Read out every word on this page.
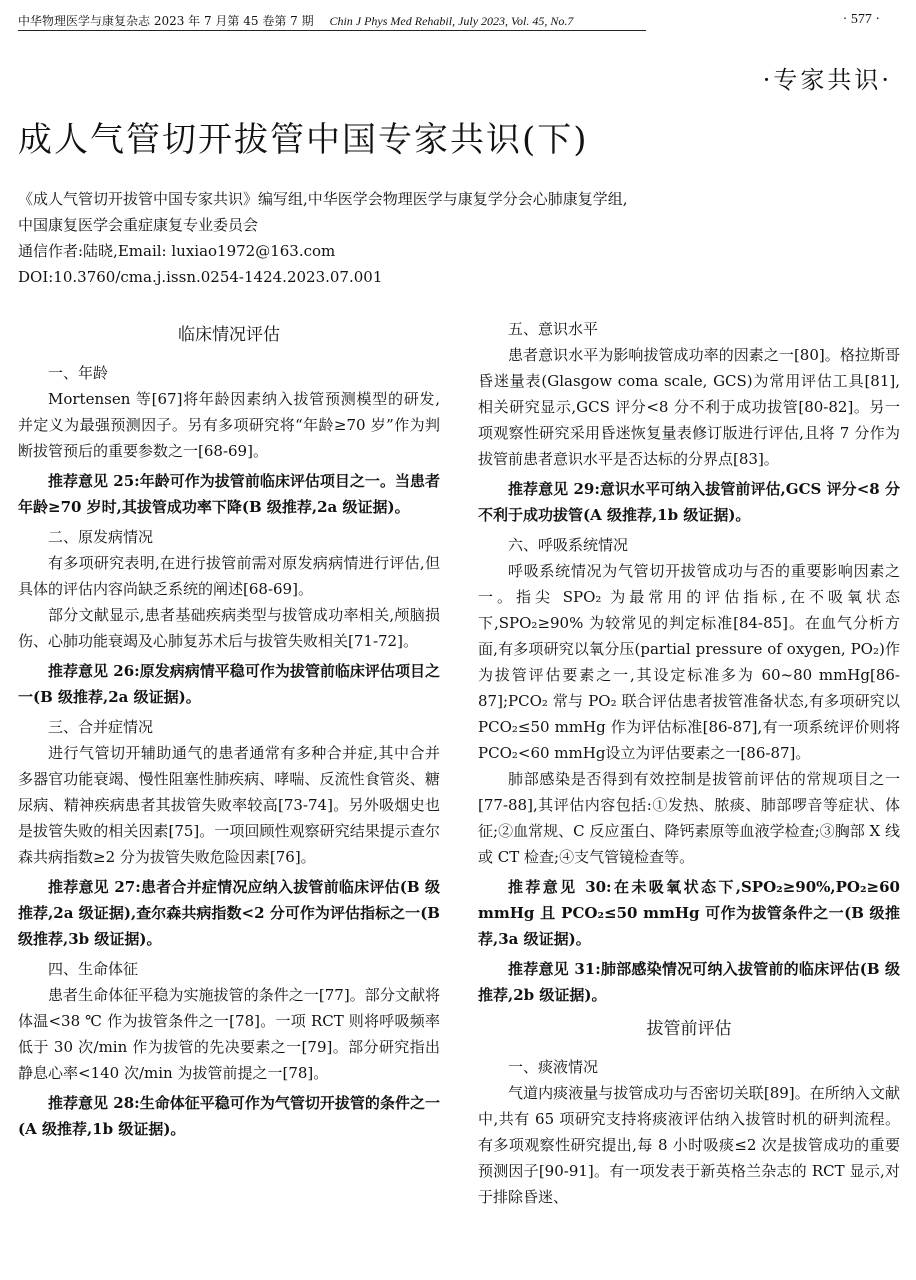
中华物理医学与康复杂志 2023 年 7 月第 45 卷第 7 期 Chin J Phys Med Rehabil, July 2023, Vol. 45, No.7	· 577 ·
·专家共识·
成人气管切开拔管中国专家共识(下)
《成人气管切开拔管中国专家共识》编写组,中华医学会物理医学与康复学分会心肺康复学组,
中国康复医学会重症康复专业委员会
通信作者:陆晓,Email: luxiao1972@163.com
DOI:10.3760/cma.j.issn.0254-1424.2023.07.001
临床情况评估

一、年龄

Mortensen 等[67]将年龄因素纳入拔管预测模型的研发,并定义为最强预测因子。另有多项研究将“年龄≥70 岁”作为判断拔管预后的重要参数之一[68-69]。

推荐意见 25:年龄可作为拔管前临床评估项目之一。当患者年龄≥70 岁时,其拔管成功率下降(B 级推荐,2a 级证据)。

二、原发病情况

有多项研究表明,在进行拔管前需对原发病病情进行评估,但具体的评估内容尚缺乏系统的阐述[68-69]。

部分文献显示,患者基础疾病类型与拔管成功率相关,颅脑损伤、心肺功能衰竭及心肺复苏术后与拔管失败相关[71-72]。

推荐意见 26:原发病病情平稳可作为拔管前临床评估项目之一(B 级推荐,2a 级证据)。

三、合并症情况

进行气管切开辅助通气的患者通常有多种合并症,其中合并多器官功能衰竭、慢性阻塞性肺疾病、哮喘、反流性食管炎、糖尿病、精神疾病患者其拔管失败率较高[73-74]。另外吸烟史也是拔管失败的相关因素[75]。一项回顾性观察研究结果提示查尔森共病指数≥2 分为拔管失败危险因素[76]。

推荐意见 27:患者合并症情况应纳入拔管前临床评估(B 级推荐,2a 级证据),查尔森共病指数<2 分可作为评估指标之一(B 级推荐,3b 级证据)。

四、生命体征

患者生命体征平稳为实施拔管的条件之一[77]。部分文献将体温<38 ℃ 作为拔管条件之一[78]。一项 RCT 则将呼吸频率低于 30 次/min 作为拔管的先决要素之一[79]。部分研究指出静息心率<140 次/min 为拔管前提之一[78]。

推荐意见 28:生命体征平稳可作为气管切开拔管的条件之一(A 级推荐,1b 级证据)。

五、意识水平

患者意识水平为影响拔管成功率的因素之一[80]。格拉斯哥昏迷量表(Glasgow coma scale, GCS)为常用评估工具[81],相关研究显示,GCS 评分<8 分不利于成功拔管[80-82]。另一项观察性研究采用昏迷恢复量表修订版进行评估,且将 7 分作为拔管前患者意识水平是否达标的分界点[83]。

推荐意见 29:意识水平可纳入拔管前评估,GCS 评分<8 分不利于成功拔管(A 级推荐,1b 级证据)。

六、呼吸系统情况

呼吸系统情况为气管切开拔管成功与否的重要影响因素之一。指尖 SPO₂ 为最常用的评估指标,在不吸氧状态下,SPO₂≥90% 为较常见的判定标准[84-85]。在血气分析方面,有多项研究以氧分压(partial pressure of oxygen, PO₂)作为拔管评估要素之一,其设定标准多为 60~80 mmHg[86-87];PCO₂ 常与 PO₂ 联合评估患者拔管准备状态,有多项研究以 PCO₂≤50 mmHg 作为评估标准[86-87],有一项系统评价则将 PCO₂<60 mmHg设立为评估要素之一[86-87]。

肺部感染是否得到有效控制是拔管前评估的常规项目之一[77-88],其评估内容包括:①发热、脓痰、肺部啰音等症状、体征;②血常规、C 反应蛋白、降钙素原等血液学检查;③胸部 X 线或 CT 检查;④支气管镜检查等。

推荐意见 30:在未吸氧状态下,SPO₂≥90%,PO₂≥60 mmHg 且 PCO₂≤50 mmHg 可作为拔管条件之一(B 级推荐,3a 级证据)。

推荐意见 31:肺部感染情况可纳入拔管前的临床评估(B 级推荐,2b 级证据)。

拔管前评估

一、痰液情况

气道内痰液量与拔管成功与否密切关联[89]。在所纳入文献中,共有 65 项研究支持将痰液评估纳入拔管时机的研判流程。有多项观察性研究提出,每 8 小时吸痰≤2 次是拔管成功的重要预测因子[90-91]。有一项发表于新英格兰杂志的 RCT 显示,对于排除昏迷、
